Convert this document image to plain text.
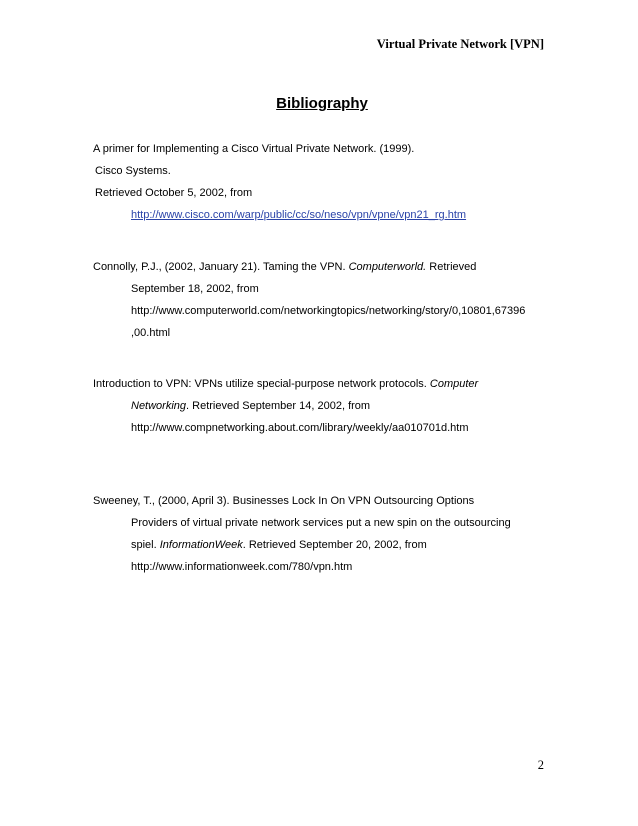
Virtual Private Network [VPN]
Bibliography
A primer for Implementing a Cisco Virtual Private Network. (1999).
Cisco Systems.
Retrieved October 5, 2002, from
http://www.cisco.com/warp/public/cc/so/neso/vpn/vpne/vpn21_rg.htm
Connolly, P.J., (2002, January 21). Taming the VPN. Computerworld. Retrieved
September 18, 2002, from
http://www.computerworld.com/networkingtopics/networking/story/0,10801,67396
,00.html
Introduction to VPN: VPNs utilize special-purpose network protocols. Computer
Networking. Retrieved September 14, 2002, from
http://www.compnetworking.about.com/library/weekly/aa010701d.htm
Sweeney, T., (2000, April 3). Businesses Lock In On VPN Outsourcing Options
Providers of virtual private network services put a new spin on the outsourcing
spiel. InformationWeek. Retrieved September 20, 2002, from
http://www.informationweek.com/780/vpn.htm
2
